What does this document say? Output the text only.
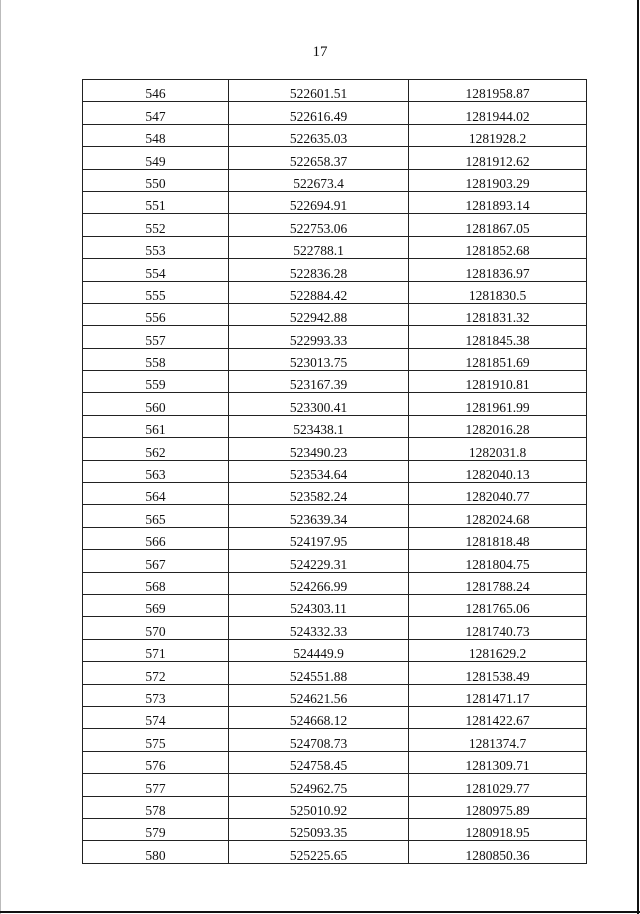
17
546	522601.51	1281958.87
547	522616.49	1281944.02
548	522635.03	1281928.2
549	522658.37	1281912.62
550	522673.4	1281903.29
551	522694.91	1281893.14
552	522753.06	1281867.05
553	522788.1	1281852.68
554	522836.28	1281836.97
555	522884.42	1281830.5
556	522942.88	1281831.32
557	522993.33	1281845.38
558	523013.75	1281851.69
559	523167.39	1281910.81
560	523300.41	1281961.99
561	523438.1	1282016.28
562	523490.23	1282031.8
563	523534.64	1282040.13
564	523582.24	1282040.77
565	523639.34	1282024.68
566	524197.95	1281818.48
567	524229.31	1281804.75
568	524266.99	1281788.24
569	524303.11	1281765.06
570	524332.33	1281740.73
571	524449.9	1281629.2
572	524551.88	1281538.49
573	524621.56	1281471.17
574	524668.12	1281422.67
575	524708.73	1281374.7
576	524758.45	1281309.71
577	524962.75	1281029.77
578	525010.92	1280975.89
579	525093.35	1280918.95
580	525225.65	1280850.36
